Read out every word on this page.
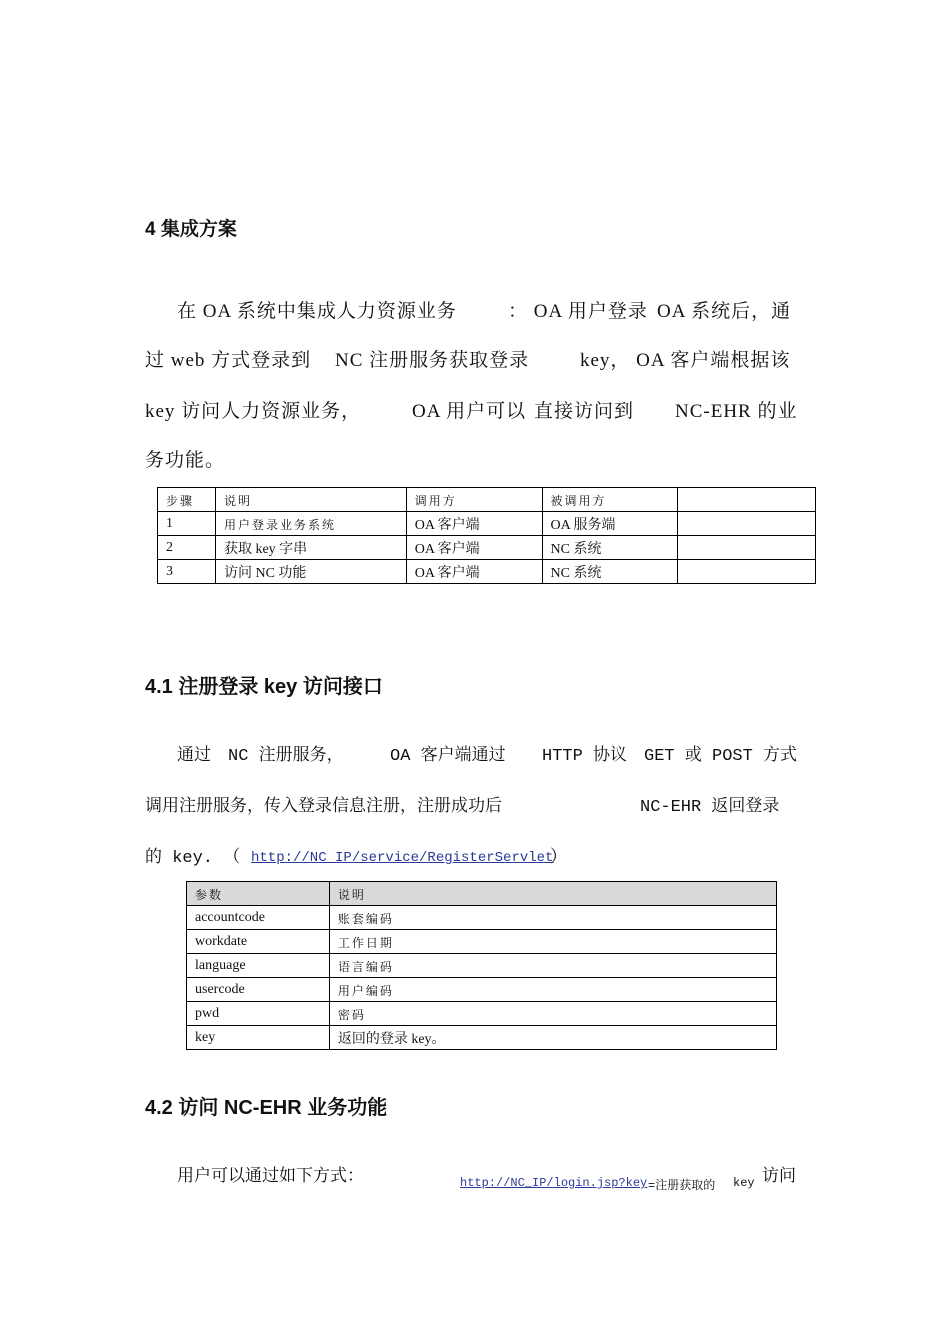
4 集成方案
在 OA 系统中集成人力资源业务	： OA 用户登录 OA 系统后，通
过 web 方式登录到 NC 注册服务获取登录	key， OA 客户端根据该
key 访问人力资源业务，	OA 用户可以 直接访问到 NC-EHR 的业
务功能。
步骤	说明	调用方	被调用方	
1	用户登录业务系统	OA 客户端	OA 服务端	
2	获取 key 字串	OA 客户端	NC 系统	
3	访问 NC 功能	OA 客户端	NC 系统	
4.1 注册登录 key 访问接口
通过 NC 注册服务，	OA 客户端通过 HTTP 协议 GET 或 POST 方式
调用注册服务，传入登录信息注册，注册成功后	NC-EHR 返回登录
的 key. （ http://NC_IP/service/RegisterServlet
）
参数	说明
accountcode	账套编码
workdate	工作日期
language	语言编码
usercode	用户编码
pwd	密码
key	返回的登录 key。
4.2 访问 NC-EHR 业务功能
用户可以通过如下方式：	http://NC_IP/login.jsp?key =注册获取的 key 访问
